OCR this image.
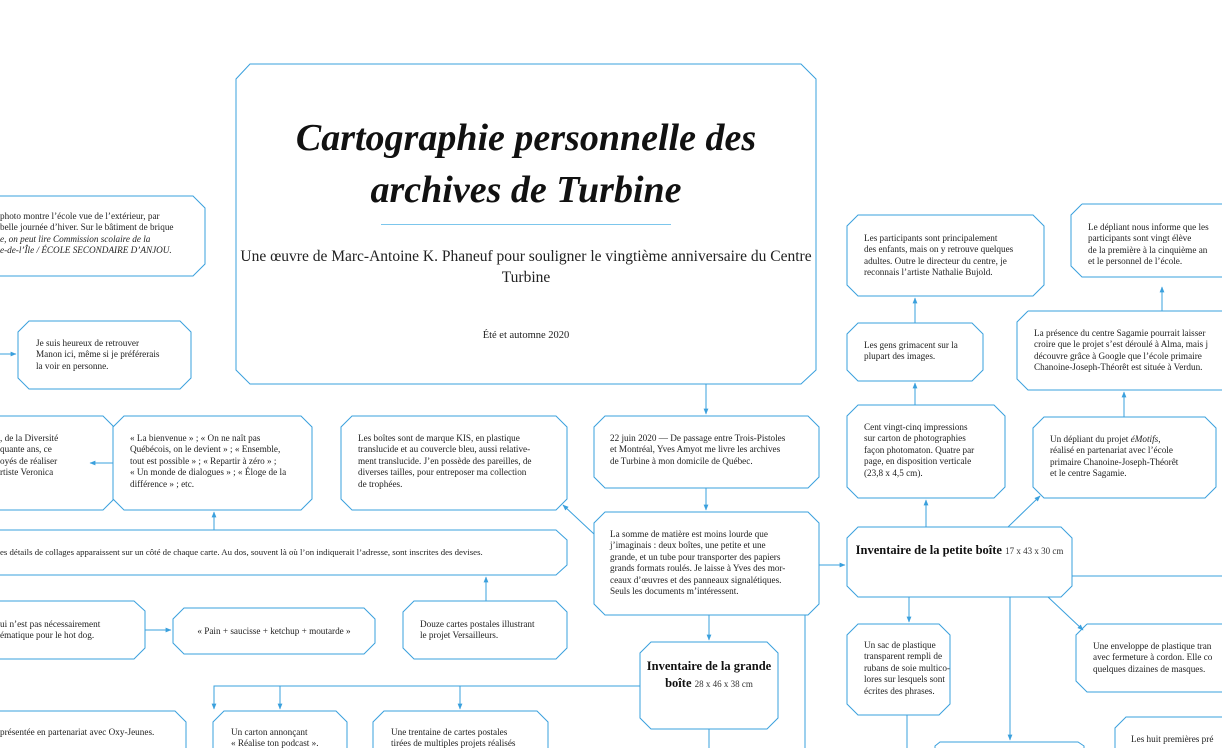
Cartographie personnelle des archives de Turbine
Une œuvre de Marc-Antoine K. Phaneuf pour souligner le vingtième anniversaire du Centre Turbine
Été et automne 2020
photo montre l’école vue de l’extérieur, par
belle journée d’hiver. Sur le bâtiment de brique
e, on peut lire Commission scolaire de la
e-de-l’Île / ÉCOLE SECONDAIRE D’ANJOU.
Je suis heureux de retrouver
Manon ici, même si je préférerais
la voir en personne.
, de la Diversité
quante ans, ce
oyés de réaliser
rtiste Veronica
« La bienvenue » ; « On ne naît pas
Québécois, on le devient » ; « Ensemble,
tout est possible » ; « Repartir à zéro » ;
« Un monde de dialogues » ; « Éloge de la
différence » ; etc.
Les boîtes sont de marque KIS, en plastique
translucide et au couvercle bleu, aussi relative-
ment translucide. J’en possède des pareilles, de
diverses tailles, pour entreposer ma collection
de trophées.
22 juin 2020 — De passage entre Trois-Pistoles
et Montréal, Yves Amyot me livre les archives
de Turbine à mon domicile de Québec.
La somme de matière est moins lourde que
j’imaginais : deux boîtes, une petite et une
grande, et un tube pour transporter des papiers
grands formats roulés. Je laisse à Yves des mor-
ceaux d’œuvres et des panneaux signalétiques.
Seuls les documents m’intéressent.
es détails de collages apparaissent sur un côté de chaque carte. Au dos, souvent là où l’on indiquerait l’adresse, sont inscrites des devises.
ui n’est pas nécessairement
ématique pour le hot dog.	« Pain + saucisse + ketchup + moutarde »
Douze cartes postales illustrant
le projet Versailleurs.
Inventaire de la grande boîte 28 x 46 x 38 cm
présentée en partenariat avec Oxy-Jeunes.	Un carton annonçant
« Réalise ton podcast ».
Une trentaine de cartes postales
tirées de multiples projets réalisés
Les participants sont principalement
des enfants, mais on y retrouve quelques
adultes. Outre le directeur du centre, je
reconnais l’artiste Nathalie Bujold.
Les gens grimacent sur la
plupart des images.
Cent vingt-cinq impressions
sur carton de photographies
façon photomaton. Quatre par
page, en disposition verticale
(23,8 x 4,5 cm).
Le dépliant nous informe que les
participants sont vingt élève
de la première à la cinquième an
et le personnel de l’école.
La présence du centre Sagamie pourrait laisser
croire que le projet s’est déroulé à Alma, mais j
découvre grâce à Google que l’école primaire
Chanoine-Joseph-Théorêt est située à Verdun.
Un dépliant du projet éMotifs,
réalisé en partenariat avec l’école
primaire Chanoine-Joseph-Théorêt
et le centre Sagamie.
Inventaire de la petite boîte 17 x 43 x 30 cm
Un sac de plastique
transparent rempli de
rubans de soie multico-
lores sur lesquels sont
écrites des phrases.
Une enveloppe de plastique tran
avec fermeture à cordon. Elle co
quelques dizaines de masques.
Les huit premières pré
